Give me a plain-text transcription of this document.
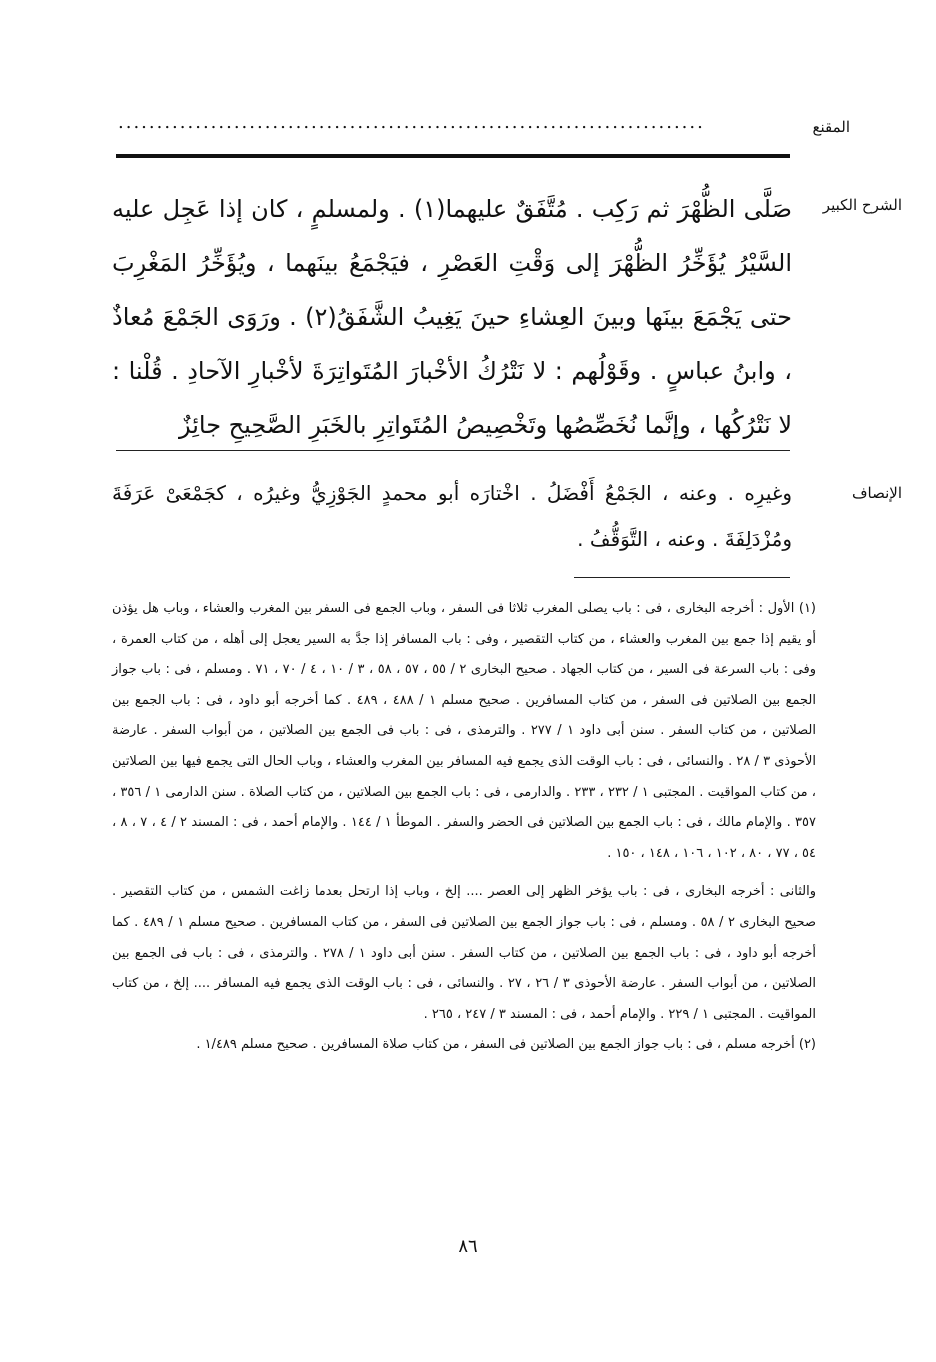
المقنع
............................................................................
الشرح الكبير

صَلَّى الظُّهْرَ ثم رَكِب . مُتَّفَقٌ عليهما(١) . ولمسلمٍ ، كان إذا عَجِل عليه السَّيْرُ يُؤَخِّرُ الظُّهْرَ إلى وَقْتِ العَصْرِ ، فيَجْمَعُ بينَهما ، ويُؤَخِّرُ المَغْرِبَ حتى يَجْمَعَ بينَها وبينَ العِشاءِ حينَ يَغِيبُ الشَّفَقُ(٢) . ورَوَى الجَمْعَ مُعاذٌ ، وابنُ عباسٍ . وقَوْلُهم : لا نَتْرُكُ الأخْبارَ المُتَواتِرَةَ لأخْبارِ الآحادِ . قُلْنا : لا نَتْرُكُها ، وإنَّما نُخَصِّصُها وتَخْصِيصُ المُتَواتِرِ بالخَبَرِ الصَّحِيحِ جائِزٌ

الإنصاف

وغيرِه . وعنه ، الجَمْعُ أَفْضَلُ . اخْتارَه أبو محمدٍ الجَوْزِيُّ وغيرُه ، كجَمْعَىْ عَرَفَةَ ومُزْدَلِفَةَ . وعنه ، التَّوَقُّفُ .

(١) الأول : أخرجه البخارى ، فى : باب يصلى المغرب ثلاثا فى السفر ، وباب الجمع فى السفر بين المغرب والعشاء ، وباب هل يؤذن أو يقيم إذا جمع بين المغرب والعشاء ، من كتاب التقصير ، وفى : باب المسافر إذا جدَّ به السير يعجل إلى أهله ، من كتاب العمرة ، وفى : باب السرعة فى السير ، من كتاب الجهاد . صحيح البخارى ٢ / ٥٥ ، ٥٧ ، ٥٨ ، ٣ / ١٠ ، ٤ / ٧٠ ، ٧١ . ومسلم ، فى : باب جواز الجمع بين الصلاتين فى السفر ، من كتاب المسافرين . صحيح مسلم ١ / ٤٨٨ ، ٤٨٩ . كما أخرجه أبو داود ، فى : باب الجمع بين الصلاتين ، من كتاب السفر . سنن أبى داود ١ / ٢٧٧ . والترمذى ، فى : باب فى الجمع بين الصلاتين ، من أبواب السفر . عارضة الأحوذى ٣ / ٢٨ . والنسائى ، فى : باب الوقت الذى يجمع فيه المسافر بين المغرب والعشاء ، وباب الحال التى يجمع فيها بين الصلاتين ، من كتاب المواقيت . المجتبى ١ / ٢٣٢ ، ٢٣٣ . والدارمى ، فى : باب الجمع بين الصلاتين ، من كتاب الصلاة . سنن الدارمى ١ / ٣٥٦ ، ٣٥٧ . والإمام مالك ، فى : باب الجمع بين الصلاتين فى الحضر والسفر . الموطأ ١ / ١٤٤ . والإمام أحمد ، فى : المسند ٢ / ٤ ، ٧ ، ٨ ، ٥٤ ، ٧٧ ، ٨٠ ، ١٠٢ ، ١٠٦ ، ١٤٨ ، ١٥٠ .

والثانى : أخرجه البخارى ، فى : باب يؤخر الظهر إلى العصر .... إلخ ، وباب إذا ارتحل بعدما زاغت الشمس ، من كتاب التقصير . صحيح البخارى ٢ / ٥٨ . ومسلم ، فى : باب جواز الجمع بين الصلاتين فى السفر ، من كتاب المسافرين . صحيح مسلم ١ / ٤٨٩ . كما أخرجه أبو داود ، فى : باب الجمع بين الصلاتين ، من كتاب السفر . سنن أبى داود ١ / ٢٧٨ . والترمذى ، فى : باب فى الجمع بين الصلاتين ، من أبواب السفر . عارضة الأحوذى ٣ / ٢٦ ، ٢٧ . والنسائى ، فى : باب الوقت الذى يجمع فيه المسافر .... إلخ ، من كتاب المواقيت . المجتبى ١ / ٢٢٩ . والإمام أحمد ، فى : المسند ٣ / ٢٤٧ ، ٢٦٥ .

(٢) أخرجه مسلم ، فى : باب جواز الجمع بين الصلاتين فى السفر ، من كتاب صلاة المسافرين . صحيح مسلم ١/٤٨٩ .

٨٦
